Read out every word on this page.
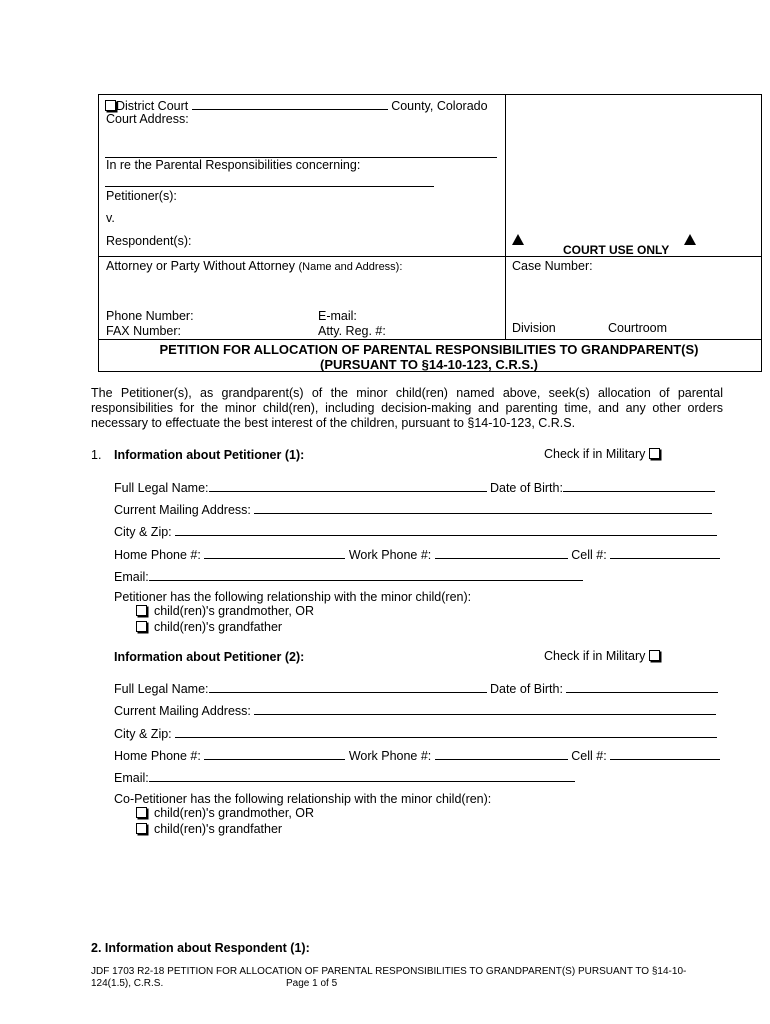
District Court	County, Colorado
Court Address:
In re the Parental Responsibilities concerning:
Petitioner(s):
v.
Respondent(s):
COURT USE ONLY
Attorney or Party Without Attorney (Name and Address):	Case Number:
Phone Number:	E-mail:
FAX Number:	Atty. Reg. #:	Division	Courtroom
PETITION FOR ALLOCATION OF PARENTAL RESPONSIBILITIES TO GRANDPARENT(S)
(PURSUANT TO §14-10-123, C.R.S.)
The Petitioner(s), as grandparent(s) of the minor child(ren) named above, seek(s) allocation of parental responsibilities for the minor child(ren), including decision-making and parenting time, and any other orders necessary to effectuate the best interest of the children, pursuant to §14-10-123, C.R.S.
1. Information about Petitioner (1):	Check if in Military
Full Legal Name:	Date of Birth:
Current Mailing Address:
City & Zip:
Home Phone #:	Work Phone #:	Cell #:
Email:
Petitioner has the following relationship with the minor child(ren):
child(ren)'s grandmother, OR
child(ren)'s grandfather
Information about Petitioner (2):	Check if in Military
Full Legal Name:	Date of Birth:
Current Mailing Address:
City & Zip:
Home Phone #:	Work Phone #:	Cell #:
Email:
Co-Petitioner has the following relationship with the minor child(ren):
child(ren)'s grandmother, OR
child(ren)'s grandfather
2. Information about Respondent (1):
JDF 1703 R2-18 PETITION FOR ALLOCATION OF PARENTAL RESPONSIBILITIES TO GRANDPARENT(S) PURSUANT TO §14-10-
124(1.5), C.R.S.	Page 1 of 5
